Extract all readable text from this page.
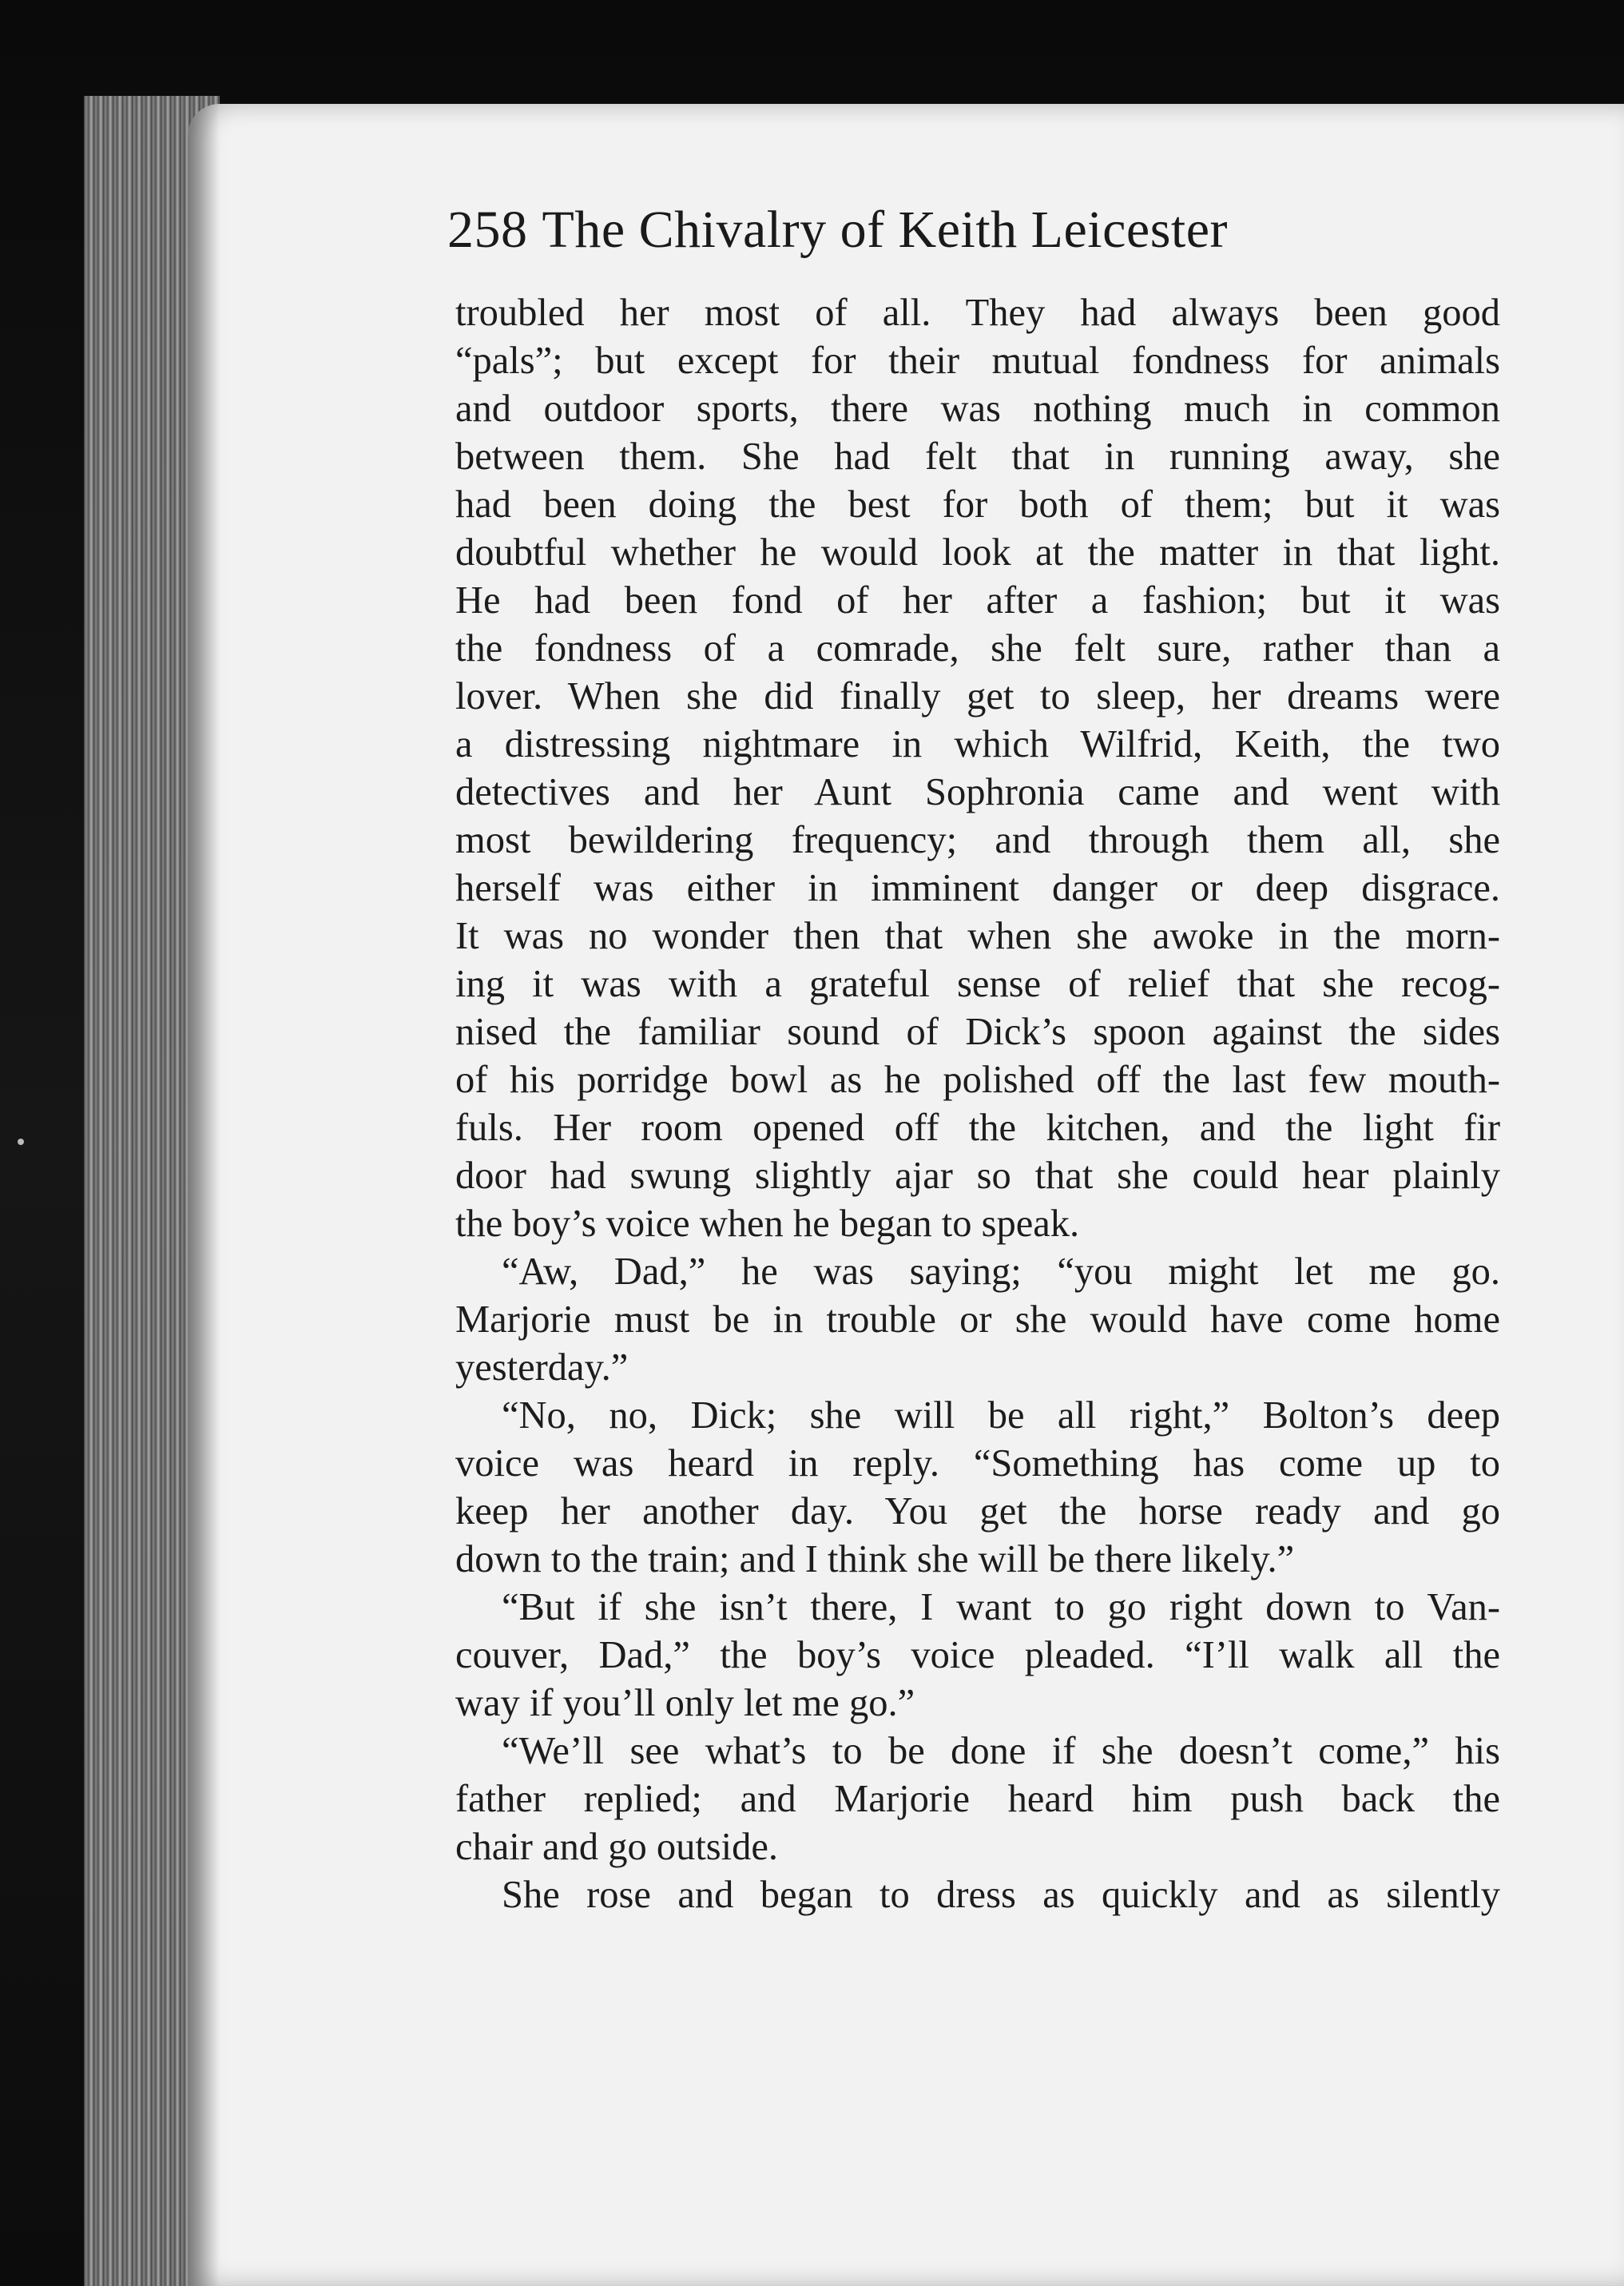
258 The Chivalry of Keith Leicester
troubled her most of all. They had always been good
“pals”; but except for their mutual fondness for animals
and outdoor sports, there was nothing much in common
between them. She had felt that in running away, she
had been doing the best for both of them; but it was
doubtful whether he would look at the matter in that light.
He had been fond of her after a fashion; but it was
the fondness of a comrade, she felt sure, rather than a
lover. When she did finally get to sleep, her dreams were
a distressing nightmare in which Wilfrid, Keith, the two
detectives and her Aunt Sophronia came and went with
most bewildering frequency; and through them all, she
herself was either in imminent danger or deep disgrace.
It was no wonder then that when she awoke in the morn-
ing it was with a grateful sense of relief that she recog-
nised the familiar sound of Dick’s spoon against the sides
of his porridge bowl as he polished off the last few mouth-
fuls. Her room opened off the kitchen, and the light fir
door had swung slightly ajar so that she could hear plainly
the boy’s voice when he began to speak.
“Aw, Dad,” he was saying; “you might let me go.
Marjorie must be in trouble or she would have come home
yesterday.”
“No, no, Dick; she will be all right,” Bolton’s deep
voice was heard in reply. “Something has come up to
keep her another day. You get the horse ready and go
down to the train; and I think she will be there likely.”
“But if she isn’t there, I want to go right down to Van-
couver, Dad,” the boy’s voice pleaded. “I’ll walk all the
way if you’ll only let me go.”
“We’ll see what’s to be done if she doesn’t come,” his
father replied; and Marjorie heard him push back the
chair and go outside.
She rose and began to dress as quickly and as silently
